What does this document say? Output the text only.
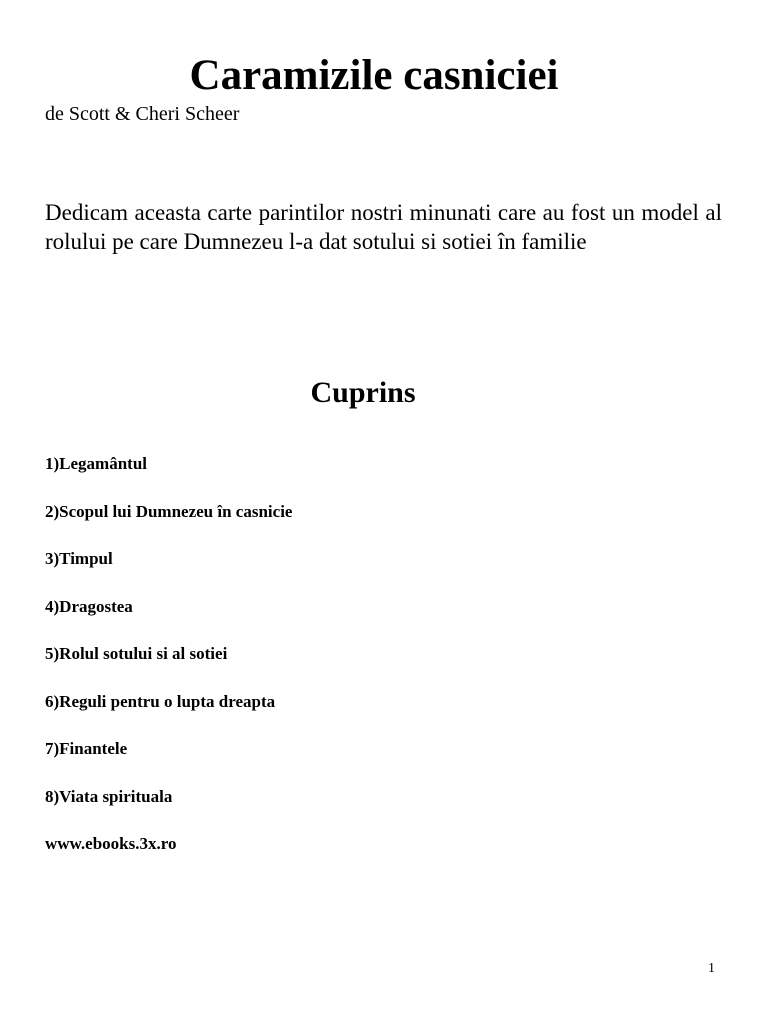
Caramizile casniciei

de Scott & Cheri Scheer

Dedicam aceasta carte parintilor nostri minunati care au fost un model al rolului pe care Dumnezeu l-a dat sotului si sotiei în familie

Cuprins
1)Legamântul
2)Scopul lui Dumnezeu în casnicie
3)Timpul
4)Dragostea
5)Rolul sotului si al sotiei
6)Reguli pentru o lupta dreapta
7)Finantele
8)Viata spirituala

www.ebooks.3x.ro

1
